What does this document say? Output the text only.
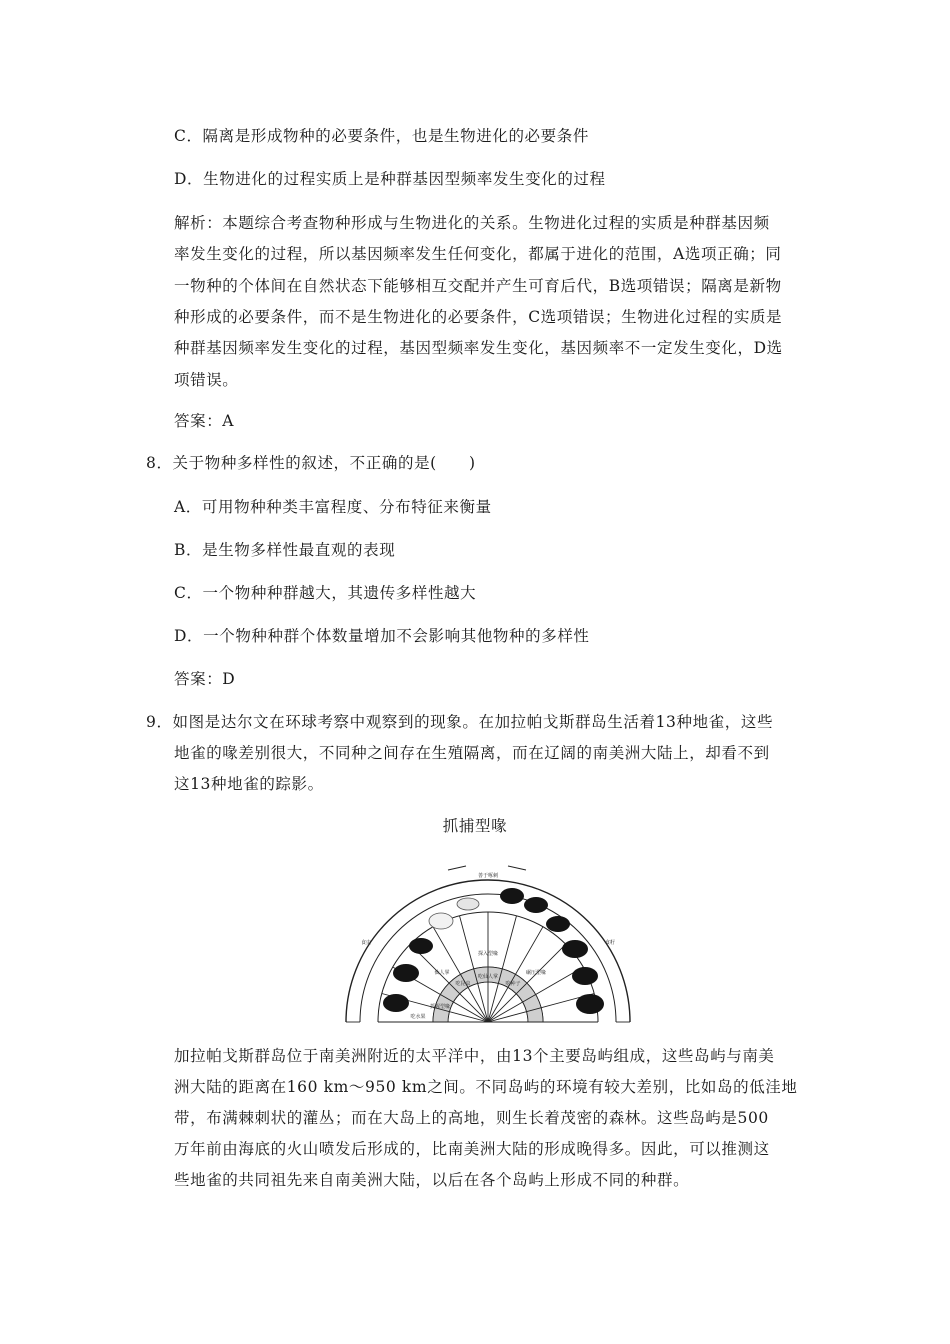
C．隔离是形成物种的必要条件，也是生物进化的必要条件
D．生物进化的过程实质上是种群基因型频率发生变化的过程
解析：本题综合考查物种形成与生物进化的关系。生物进化过程的实质是种群基因频
率发生变化的过程，所以基因频率发生任何变化，都属于进化的范围，A选项正确；同
一物种的个体间在自然状态下能够相互交配并产生可育后代，B选项错误；隔离是新物
种形成的必要条件，而不是生物进化的必要条件，C选项错误；生物进化过程的实质是
种群基因频率发生变化的过程，基因型频率发生变化，基因频率不一定发生变化，D选
项错误。
答案：A
8．关于物种多样性的叙述，不正确的是(　　)
A．可用物种种类丰富程度、分布特征来衡量
B．是生物多样性最直观的表现
C．一个物种种群越大，其遗传多样性越大
D．一个物种种群个体数量增加不会影响其他物种的多样性
答案：D
9．如图是达尔文在环球考察中观察到的现象。在加拉帕戈斯群岛生活着13种地雀，这些
地雀的喙差别很大，不同种之间存在生殖隔离，而在辽阔的南美洲大陆上，却看不到
这13种地雀的踪影。
抓捕型喙
善于啄刺
食虫	食籽
探入型喙
仙人掌	碾压型喙
吃昆虫
吃仙人掌
吃种子
吃水果
抓握型喙
加拉帕戈斯群岛位于南美洲附近的太平洋中，由13个主要岛屿组成，这些岛屿与南美
洲大陆的距离在160 km～950 km之间。不同岛屿的环境有较大差别，比如岛的低洼地
带，布满棘刺状的灌丛；而在大岛上的高地，则生长着茂密的森林。这些岛屿是500
万年前由海底的火山喷发后形成的，比南美洲大陆的形成晚得多。因此，可以推测这
些地雀的共同祖先来自南美洲大陆，以后在各个岛屿上形成不同的种群。
